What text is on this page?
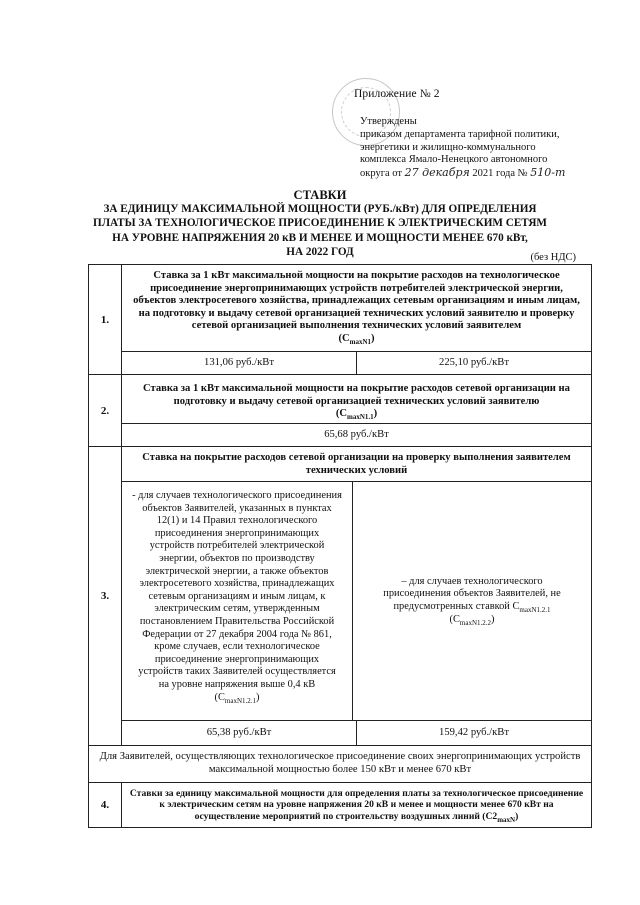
Приложение № 2
Утверждены
приказом департамента тарифной политики,
энергетики и жилищно-коммунального
комплекса Ямало-Ненецкого автономного
округа от 27 декабря 2021 года № 510-т
СТАВКИ
ЗА ЕДИНИЦУ МАКСИМАЛЬНОЙ МОЩНОСТИ (РУБ./кВт) ДЛЯ ОПРЕДЕЛЕНИЯ
ПЛАТЫ ЗА ТЕХНОЛОГИЧЕСКОЕ ПРИСОЕДИНЕНИЕ К ЭЛЕКТРИЧЕСКИМ СЕТЯМ
НА УРОВНЕ НАПРЯЖЕНИЯ 20 кВ И МЕНЕЕ И МОЩНОСТИ МЕНЕЕ 670 кВт,
НА 2022 ГОД	(без НДС)
1.
Ставка за 1 кВт максимальной мощности на покрытие расходов на технологическое присоединение энергопринимающих устройств потребителей электрической энергии, объектов электросетевого хозяйства, принадлежащих сетевым организациям и иным лицам, на подготовку и выдачу сетевой организацией технических условий заявителю и проверку сетевой организацией выполнения технических условий заявителем
$(C_{maxN1})$
131,06 руб./кВт	225,10 руб./кВт
2.
Ставка за 1 кВт максимальной мощности на покрытие расходов сетевой организации на подготовку и выдачу сетевой организацией технических условий заявителю
$(C_{maxN1.1})$
65,68 руб./кВт
3.
Ставка на покрытие расходов сетевой организации на проверку выполнения заявителем технических условий
- для случаев технологического присоединения объектов Заявителей, указанных в пунктах 12(1) и 14 Правил технологического присоединения энергопринимающих устройств потребителей электрической энергии, объектов по производству электрической энергии, а также объектов электросетевого хозяйства, принадлежащих сетевым организациям и иным лицам, к электрическим сетям, утвержденным постановлением Правительства Российской Федерации от 27 декабря 2004 года № 861, кроме случаев, если технологическое присоединение энергопринимающих устройств таких Заявителей осуществляется на уровне напряжения выше 0,4 кВ
$(C_{maxN1.2.1})$
– для случаев технологического присоединения объектов Заявителей, не предусмотренных ставкой $C_{maxN1.2.1}$
$(C_{maxN1.2.2})$
65,38 руб./кВт	159,42 руб./кВт
Для Заявителей, осуществляющих технологическое присоединение своих энергопринимающих устройств максимальной мощностью более 150 кВт и менее 670 кВт
4.
Ставки за единицу максимальной мощности для определения платы за технологическое присоединение к электрическим сетям на уровне напряжения 20 кВ и менее и мощности менее 670 кВт на осуществление мероприятий по строительству воздушных линий $(C2_{maxN})$
